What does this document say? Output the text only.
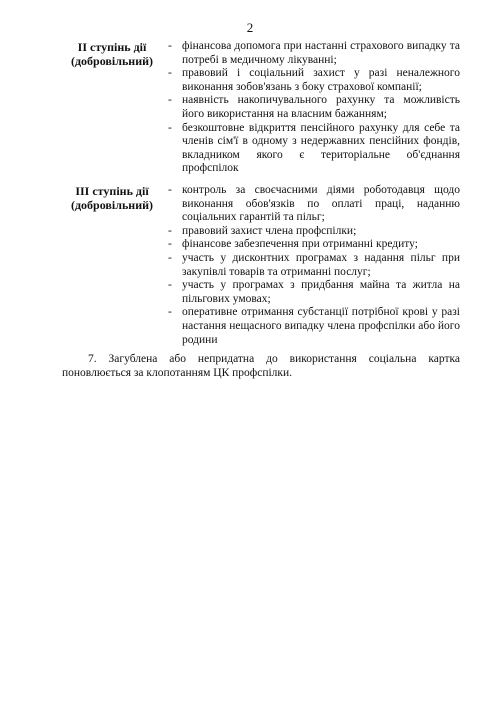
2
ІІ ступінь дії
(добровільний)
- фінансова допомога при настанні страхового випадку та потребі в медичному лікуванні;
- правовий і соціальний захист у разі неналежного виконання зобов'язань з боку страхової компанії;
- наявність накопичувального рахунку та можливість його використання на власним бажанням;
- безкоштовне відкриття пенсійного рахунку для себе та членів сім'ї в одному з недержавних пенсійних фондів, вкладником якого є територіальне об'єднання профспілок
ІІІ ступінь дії
(добровільний)
- контроль за своєчасними діями роботодавця щодо виконання обов'язків по оплаті праці, наданню соціальних гарантій та пільг;
- правовий захист члена профспілки;
- фінансове забезпечення при отриманні кредиту;
- участь у дисконтних програмах з надання пільг при закупівлі товарів та отриманні послуг;
- участь у програмах з придбання майна та житла на пільгових умовах;
- оперативне отримання субстанції потрібної крові у разі настання нещасного випадку члена профспілки або його родини
7. Загублена або непридатна до використання соціальна картка поновлюється за клопотанням ЦК профспілки.
